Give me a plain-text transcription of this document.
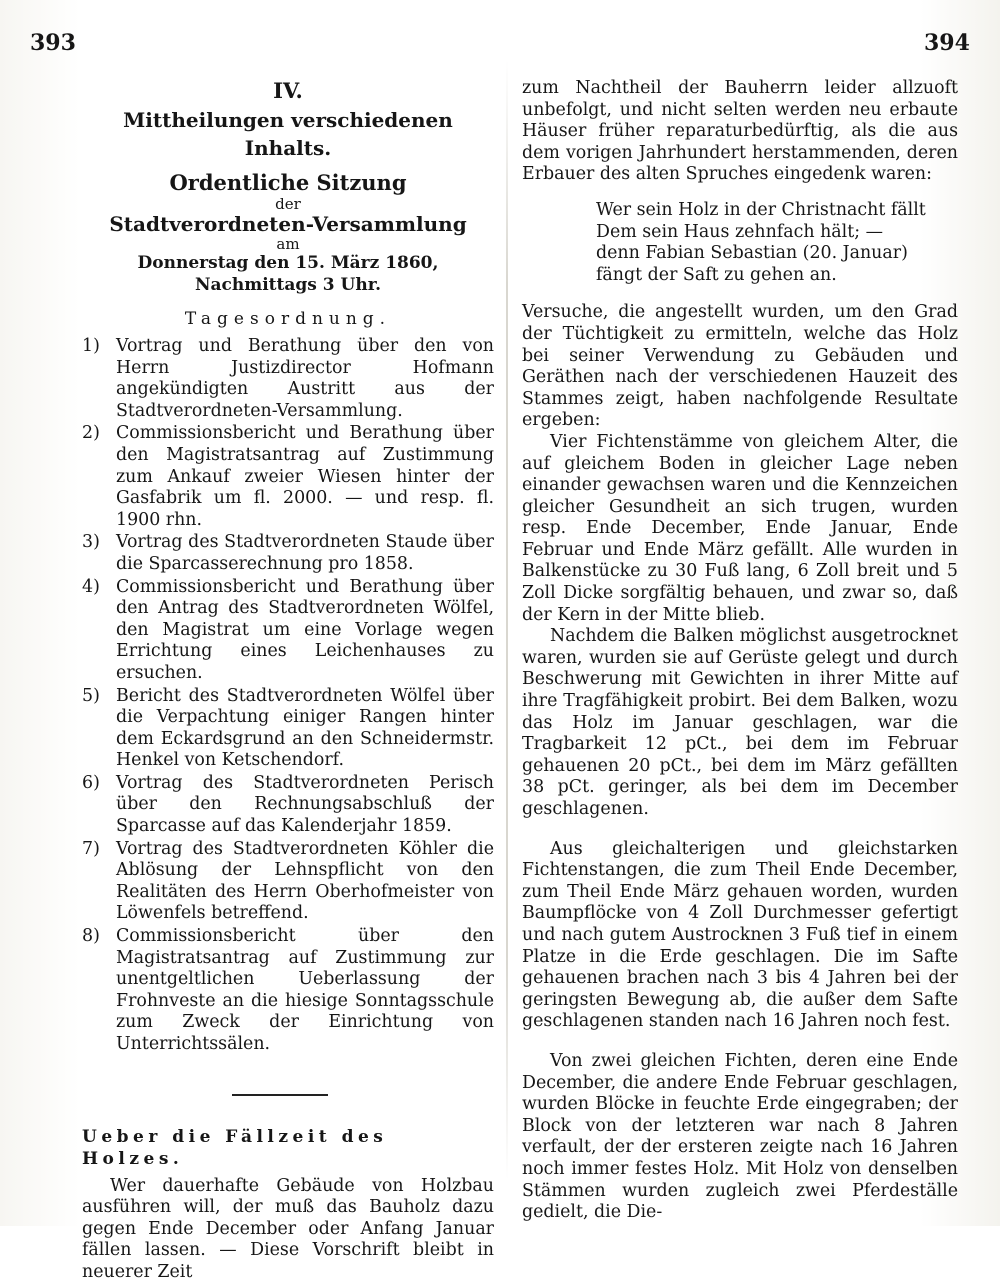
393	394
IV.
Mittheilungen verschiedenen Inhalts.
Ordentliche Sitzung
der
Stadtverordneten-Versammlung
am
Donnerstag den 15. März 1860,
Nachmittags 3 Uhr.
Tagesordnung.
1) Vortrag und Berathung über den von Herrn Justizdirector Hofmann angekündigten Austritt aus der Stadtverordneten-Versammlung.
2) Commissionsbericht und Berathung über den Magistratsantrag auf Zustimmung zum Ankauf zweier Wiesen hinter der Gasfabrik um fl. 2000. — und resp. fl. 1900 rhn.
3) Vortrag des Stadtverordneten Staude über die Sparcasserechnung pro 1858.
4) Commissionsbericht und Berathung über den Antrag des Stadtverordneten Wölfel, den Magistrat um eine Vorlage wegen Errichtung eines Leichenhauses zu ersuchen.
5) Bericht des Stadtverordneten Wölfel über die Verpachtung einiger Rangen hinter dem Eckardsgrund an den Schneidermstr. Henkel von Ketschendorf.
6) Vortrag des Stadtverordneten Perisch über den Rechnungsabschluß der Sparcasse auf das Kalenderjahr 1859.
7) Vortrag des Stadtverordneten Köhler die Ablösung der Lehnspflicht von den Realitäten des Herrn Oberhofmeister von Löwenfels betreffend.
8) Commissionsbericht über den Magistratsantrag auf Zustimmung zur unentgeltlichen Ueberlassung der Frohnveste an die hiesige Sonntagsschule zum Zweck der Einrichtung von Unterrichtssälen.
Ueber die Fällzeit des Holzes.

Wer dauerhafte Gebäude von Holzbau ausführen will, der muß das Bauholz dazu gegen Ende December oder Anfang Januar fällen lassen. — Diese Vorschrift bleibt in neuerer Zeit

zum Nachtheil der Bauherrn leider allzuoft unbefolgt, und nicht selten werden neu erbaute Häuser früher reparaturbedürftig, als die aus dem vorigen Jahrhundert herstammenden, deren Erbauer des alten Spruches eingedenk waren:

Wer sein Holz in der Christnacht fällt
Dem sein Haus zehnfach hält; —
denn Fabian Sebastian (20. Januar)
fängt der Saft zu gehen an.

Versuche, die angestellt wurden, um den Grad der Tüchtigkeit zu ermitteln, welche das Holz bei seiner Verwendung zu Gebäuden und Geräthen nach der verschiedenen Hauzeit des Stammes zeigt, haben nachfolgende Resultate ergeben:

Vier Fichtenstämme von gleichem Alter, die auf gleichem Boden in gleicher Lage neben einander gewachsen waren und die Kennzeichen gleicher Gesundheit an sich trugen, wurden resp. Ende December, Ende Januar, Ende Februar und Ende März gefällt. Alle wurden in Balkenstücke zu 30 Fuß lang, 6 Zoll breit und 5 Zoll Dicke sorgfältig behauen, und zwar so, daß der Kern in der Mitte blieb.

Nachdem die Balken möglichst ausgetrocknet waren, wurden sie auf Gerüste gelegt und durch Beschwerung mit Gewichten in ihrer Mitte auf ihre Tragfähigkeit probirt. Bei dem Balken, wozu das Holz im Januar geschlagen, war die Tragbarkeit 12 pCt., bei dem im Februar gehauenen 20 pCt., bei dem im März gefällten 38 pCt. geringer, als bei dem im December geschlagenen.

Aus gleichalterigen und gleichstarken Fichtenstangen, die zum Theil Ende December, zum Theil Ende März gehauen worden, wurden Baumpflöcke von 4 Zoll Durchmesser gefertigt und nach gutem Austrocknen 3 Fuß tief in einem Platze in die Erde geschlagen. Die im Safte gehauenen brachen nach 3 bis 4 Jahren bei der geringsten Bewegung ab, die außer dem Safte geschlagenen standen nach 16 Jahren noch fest.

Von zwei gleichen Fichten, deren eine Ende December, die andere Ende Februar geschlagen, wurden Blöcke in feuchte Erde eingegraben; der Block von der letzteren war nach 8 Jahren verfault, der der ersteren zeigte nach 16 Jahren noch immer festes Holz. Mit Holz von denselben Stämmen wurden zugleich zwei Pferdeställe gedielt, die Die-
